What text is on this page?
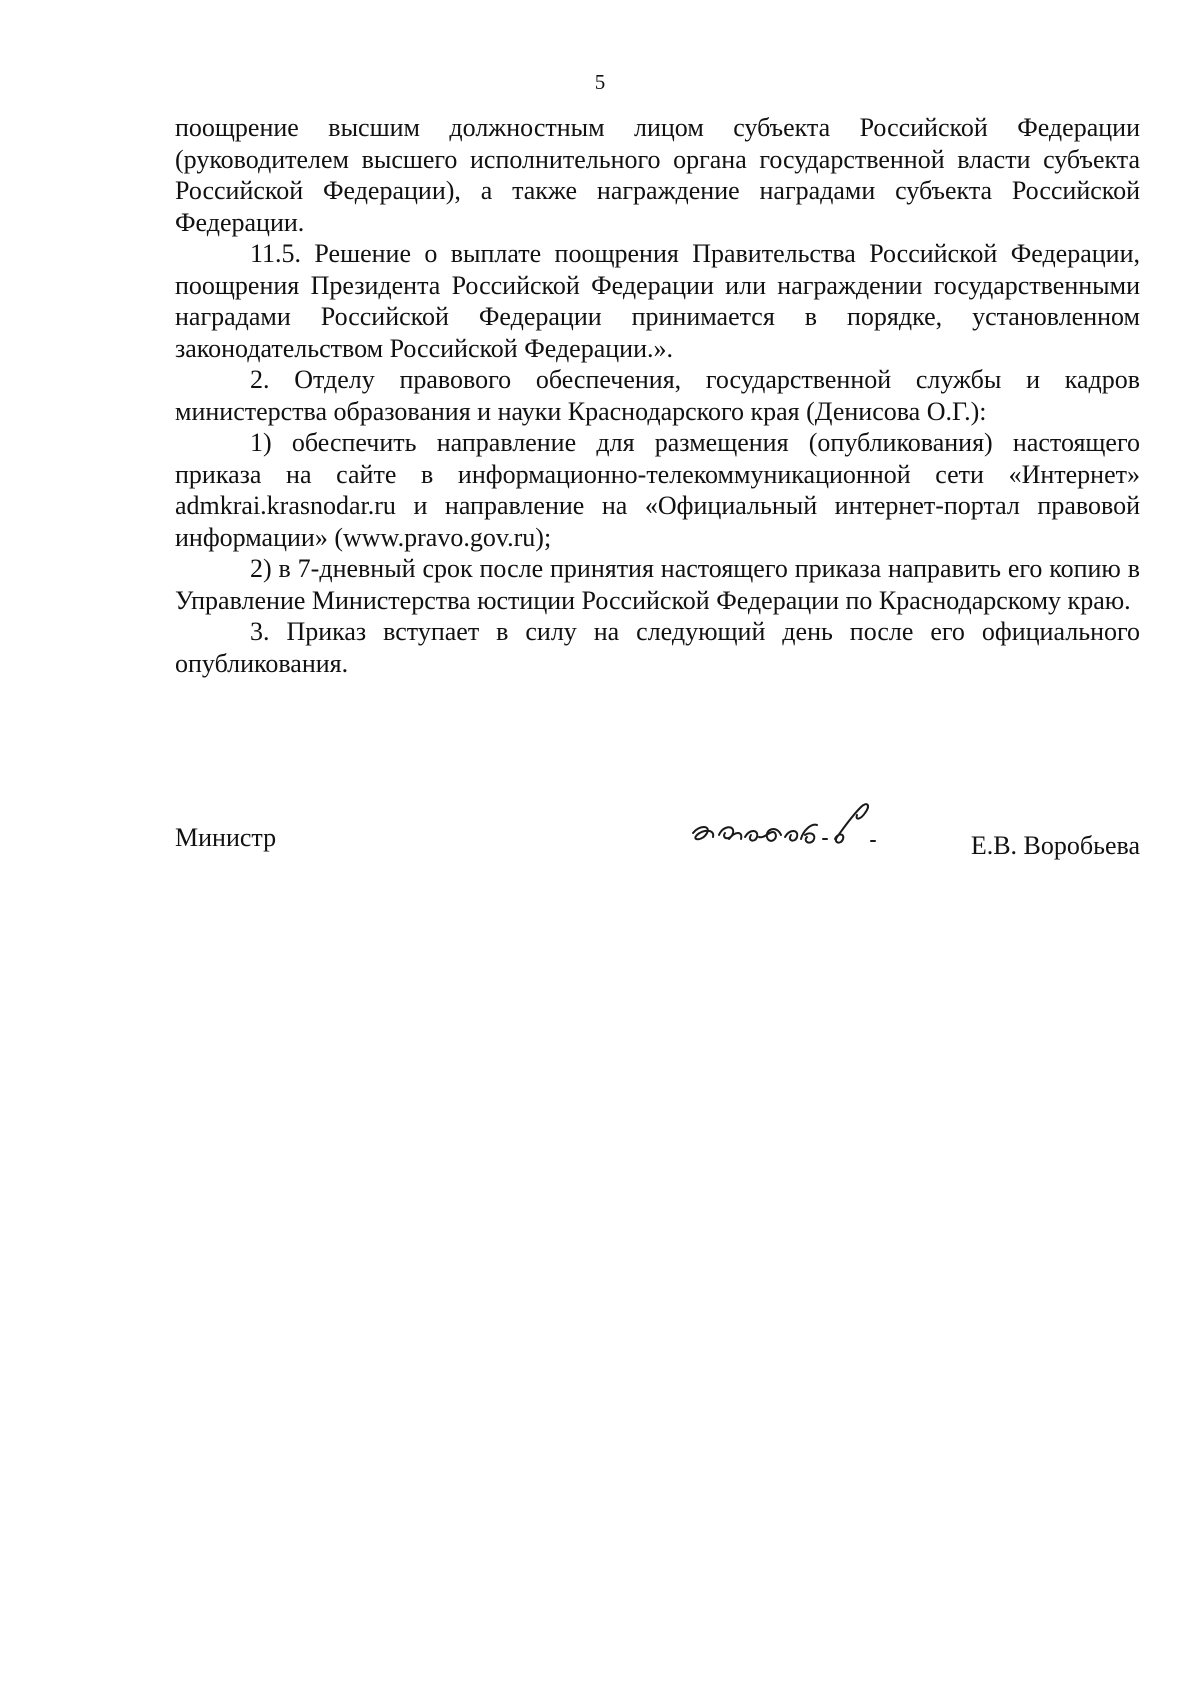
5

поощрение высшим должностным лицом субъекта Российской Федерации (руководителем высшего исполнительного органа государственной власти субъекта Российской Федерации), а также награждение наградами субъекта Российской Федерации.

11.5. Решение о выплате поощрения Правительства Российской Федерации, поощрения Президента Российской Федерации или награждении государственными наградами Российской Федерации принимается в порядке, установленном законодательством Российской Федерации.».

2. Отделу правового обеспечения, государственной службы и кадров министерства образования и науки Краснодарского края (Денисова О.Г.):

1) обеспечить направление для размещения (опубликования) настоящего приказа на сайте в информационно-телекоммуникационной сети «Интернет» admkrai.krasnodar.ru и направление на «Официальный интернет-портал правовой информации» (www.pravo.gov.ru);

2) в 7-дневный срок после принятия настоящего приказа направить его копию в Управление Министерства юстиции Российской Федерации по Краснодарскому краю.

3. Приказ вступает в силу на следующий день после его официального опубликования.

Министр	Е.В. Воробьева
